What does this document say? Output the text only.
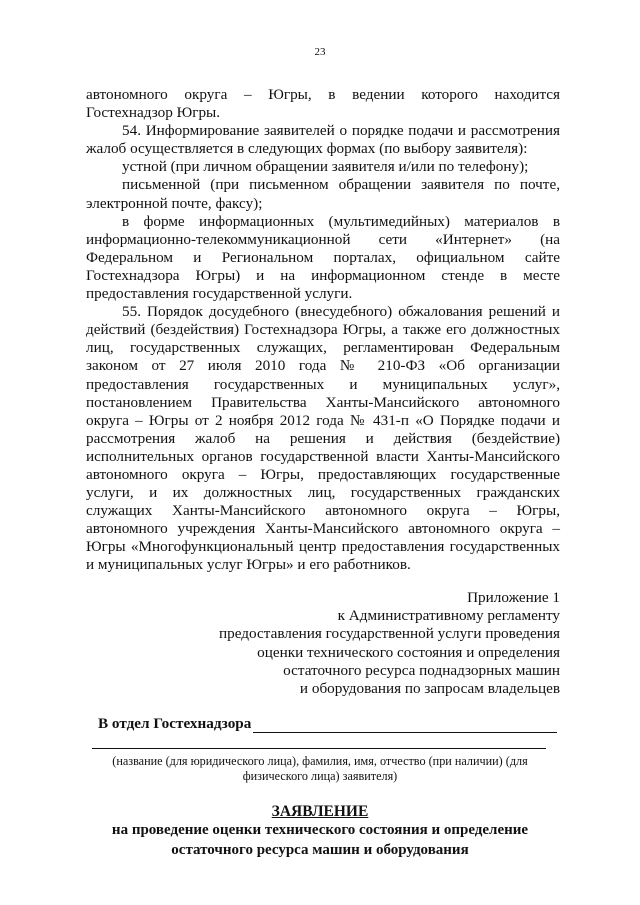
23

автономного округа – Югры, в ведении которого находится Гостехнадзор Югры.

54. Информирование заявителей о порядке подачи и рассмотрения жалоб осуществляется в следующих формах (по выбору заявителя):

устной (при личном обращении заявителя и/или по телефону);

письменной (при письменном обращении заявителя по почте, электронной почте, факсу);

в форме информационных (мультимедийных) материалов в информационно-телекоммуникационной сети «Интернет» (на Федеральном и Региональном порталах, официальном сайте Гостехнадзора Югры) и на информационном стенде в месте предоставления государственной услуги.

55. Порядок досудебного (внесудебного) обжалования решений и действий (бездействия) Гостехнадзора Югры, а также его должностных лиц, государственных служащих, регламентирован Федеральным законом от 27 июля 2010 года № 210-ФЗ «Об организации предоставления государственных и муниципальных услуг», постановлением Правительства Ханты-Мансийского автономного округа – Югры от 2 ноября 2012 года № 431-п «О Порядке подачи и рассмотрения жалоб на решения и действия (бездействие) исполнительных органов государственной власти Ханты-Мансийского автономного округа – Югры, предоставляющих государственные услуги, и их должностных лиц, государственных гражданских служащих Ханты-Мансийского автономного округа – Югры, автономного учреждения Ханты-Мансийского автономного округа – Югры «Многофункциональный центр предоставления государственных и муниципальных услуг Югры» и его работников.

Приложение 1
к Административному регламенту
предоставления государственной услуги проведения
оценки технического состояния и определения
остаточного ресурса поднадзорных машин
и оборудования по запросам владельцев
В отдел Гостехнадзора
(название (для юридического лица), фамилия, имя, отчество (при наличии) (для физического лица) заявителя)
ЗАЯВЛЕНИЕ
на проведение оценки технического состояния и определение
остаточного ресурса машин и оборудования
